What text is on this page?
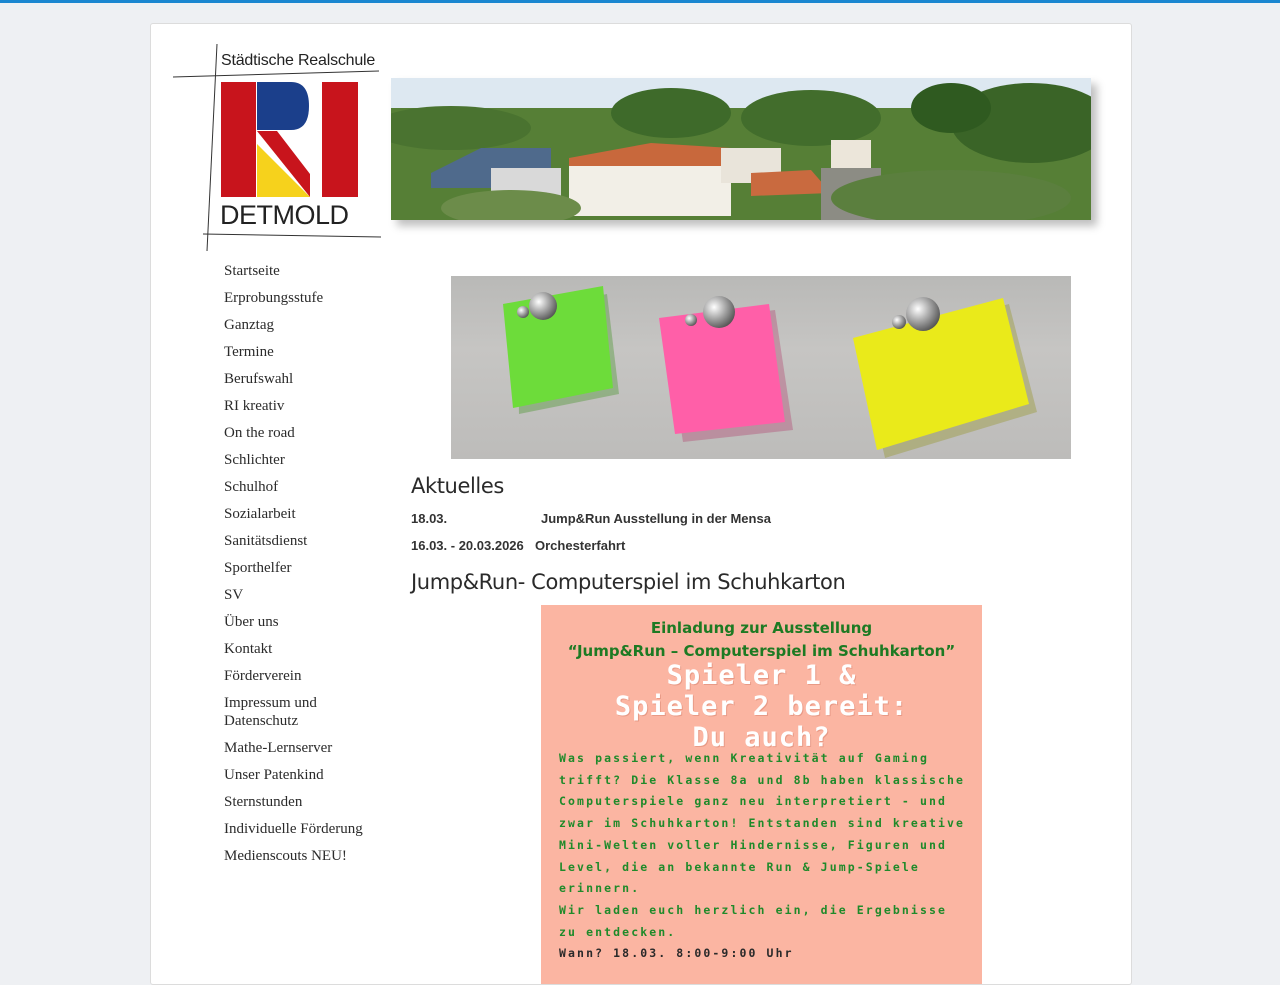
Städtische Realschule
DETMOLD
Startseite
Erprobungsstufe
Ganztag
Termine
Berufswahl
RI kreativ
On the road
Schlichter
Schulhof
Sozialarbeit
Sanitätsdienst
Sporthelfer
SV
Über uns
Kontakt
Förderverein
Impressum und Datenschutz
Mathe-Lernserver
Unser Patenkind
Sternstunden
Individuelle Förderung
Medienscouts NEU!
Aktuelles
18.03.	Jump&Run Ausstellung in der Mensa
16.03. - 20.03.2026 Orchesterfahrt
Jump&Run- Computerspiel im Schuhkarton
Einladung zur Ausstellung
“Jump&Run – Computerspiel im Schuhkarton”
Spieler 1 &
Spieler 2 bereit:
Du auch?
Was passiert, wenn Kreativität auf Gaming
trifft? Die Klasse 8a und 8b haben klassische
Computerspiele ganz neu interpretiert - und
zwar im Schuhkarton! Entstanden sind kreative
Mini-Welten voller Hindernisse, Figuren und
Level, die an bekannte Run & Jump-Spiele
erinnern.
Wir laden euch herzlich ein, die Ergebnisse
zu entdecken.
Wann? 18.03. 8:00-9:00 Uhr
